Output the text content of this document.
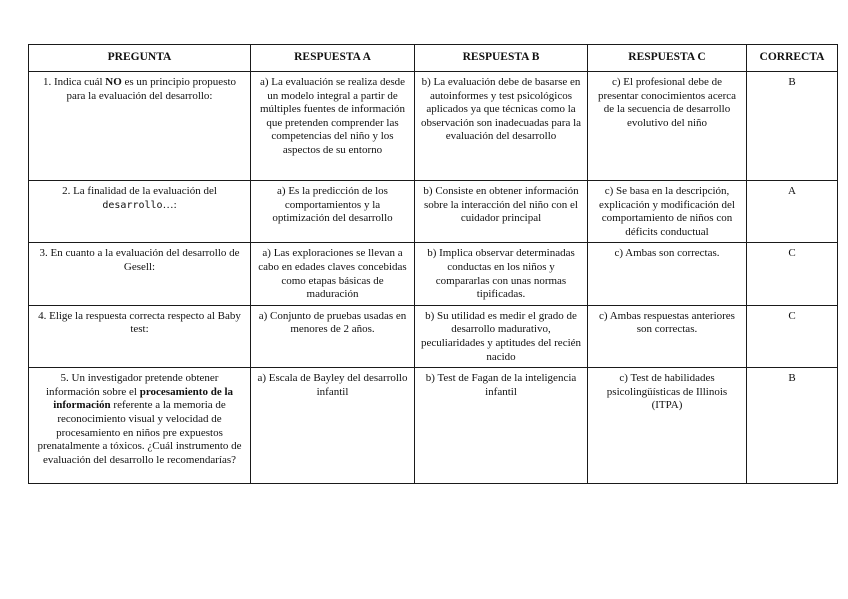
PREGUNTA	RESPUESTA A	RESPUESTA B	RESPUESTA C	CORRECTA
1. Indica cuál NO es un principio propuesto para la evaluación del desarrollo:	a) La evaluación se realiza desde un modelo integral a partir de múltiples fuentes de información que pretenden comprender las competencias del niño y los aspectos de su entorno	b) La evaluación debe de basarse en autoinformes y test psicológicos aplicados ya que técnicas como la observación son inadecuadas para la evaluación del desarrollo	c) El profesional debe de presentar conocimientos acerca de la secuencia de desarrollo evolutivo del niño	B
2. La finalidad de la evaluación del desarrollo…:	a) Es la predicción de los comportamientos y la optimización del desarrollo	b) Consiste en obtener información sobre la interacción del niño con el cuidador principal	c) Se basa en la descripción, explicación y modificación del comportamiento de niños con déficits conductual	A
3. En cuanto a la evaluación del desarrollo de Gesell:	a) Las exploraciones se llevan a cabo en edades claves concebidas como etapas básicas de maduración	b) Implica observar determinadas conductas en los niños y compararlas con unas normas tipificadas.	c) Ambas son correctas.	C
4. Elige la respuesta correcta respecto al Baby test:	a) Conjunto de pruebas usadas en menores de 2 años.	b) Su utilidad es medir el grado de desarrollo madurativo, peculiaridades y aptitudes del recién nacido	c) Ambas respuestas anteriores son correctas.	C
5. Un investigador pretende obtener información sobre el procesamiento de la información referente a la memoria de reconocimiento visual y velocidad de procesamiento en niños pre expuestos prenatalmente a tóxicos. ¿Cuál instrumento de evaluación del desarrollo le recomendarías?	a) Escala de Bayley del desarrollo infantil	b) Test de Fagan de la inteligencia infantil	c) Test de habilidades psicolingüísticas de Illinois (ITPA)	B
